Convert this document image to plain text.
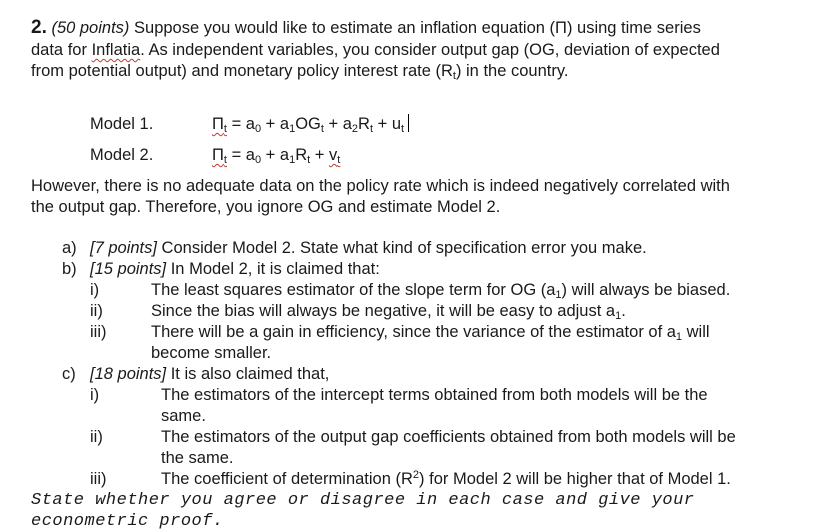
2. (50 points) Suppose you would like to estimate an inflation equation (Π) using time series
data for Inflatia. As independent variables, you consider output gap (OG, deviation of expected
from potential output) and monetary policy interest rate $(R_t)$ in the country.
Model 1.	$\Pi_t = a_0 + a_1OG_t + a_2R_t + u_t$
Model 2.	$\Pi_t = a_0 + a_1R_t + v_t$
However, there is no adequate data on the policy rate which is indeed negatively correlated with
the output gap. Therefore, you ignore OG and estimate Model 2.
a) [7 points] Consider Model 2. State what kind of specification error you make.
b) [15 points] In Model 2, it is claimed that:
i)	The least squares estimator of the slope term for OG $(a_1)$ will always be biased.
ii)	Since the bias will always be negative, it will be easy to adjust $a_1$.
iii)	There will be a gain in efficiency, since the variance of the estimator of $a_1$ will
become smaller.
c) [18 points] It is also claimed that,
i)	The estimators of the intercept terms obtained from both models will be the
same.
ii)	The estimators of the output gap coefficients obtained from both models will be
the same.
iii)	The coefficient of determination $(R^2)$ for Model 2 will be higher that of Model 1.
State whether you agree or disagree in each case and give your
econometric proof.
